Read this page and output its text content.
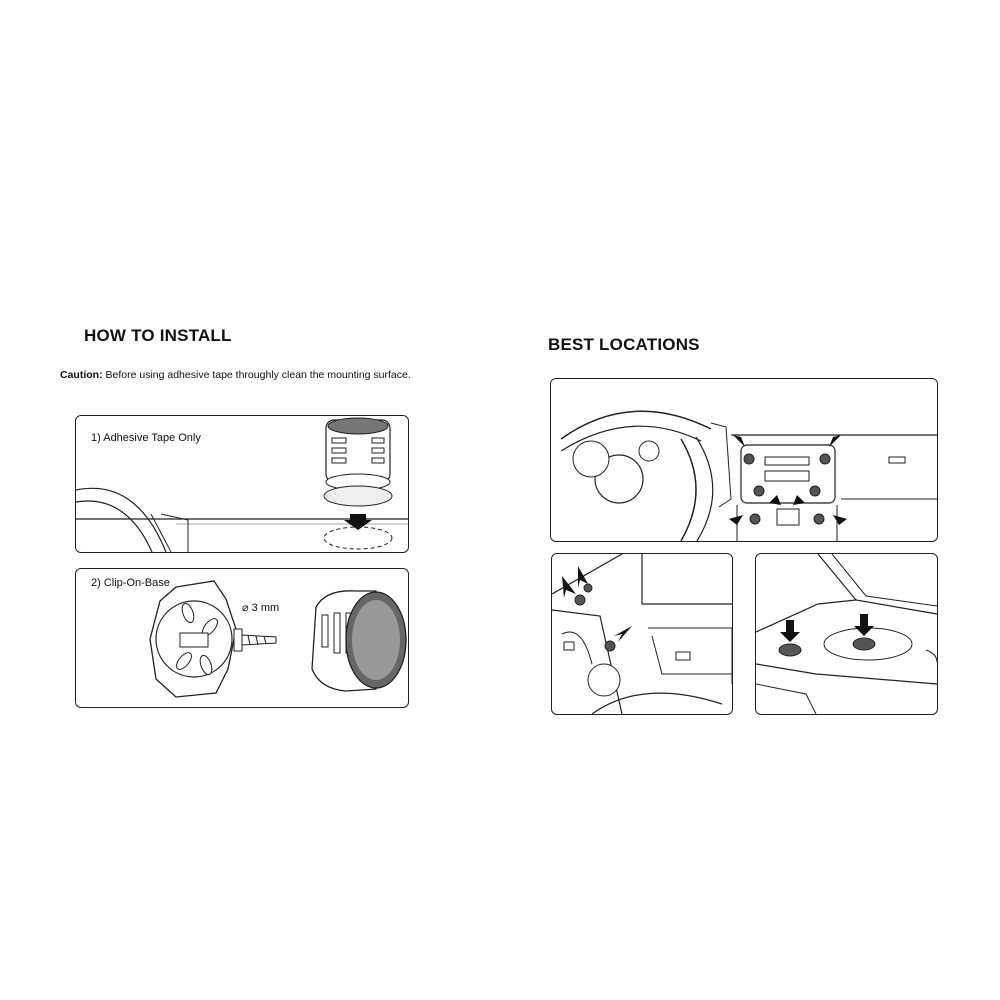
HOW TO INSTALL
Caution: Before using adhesive tape throughly clean the mounting surface.
1) Adhesive Tape Only
2) Clip-On-Base
⌀ 3 mm
BEST LOCATIONS
